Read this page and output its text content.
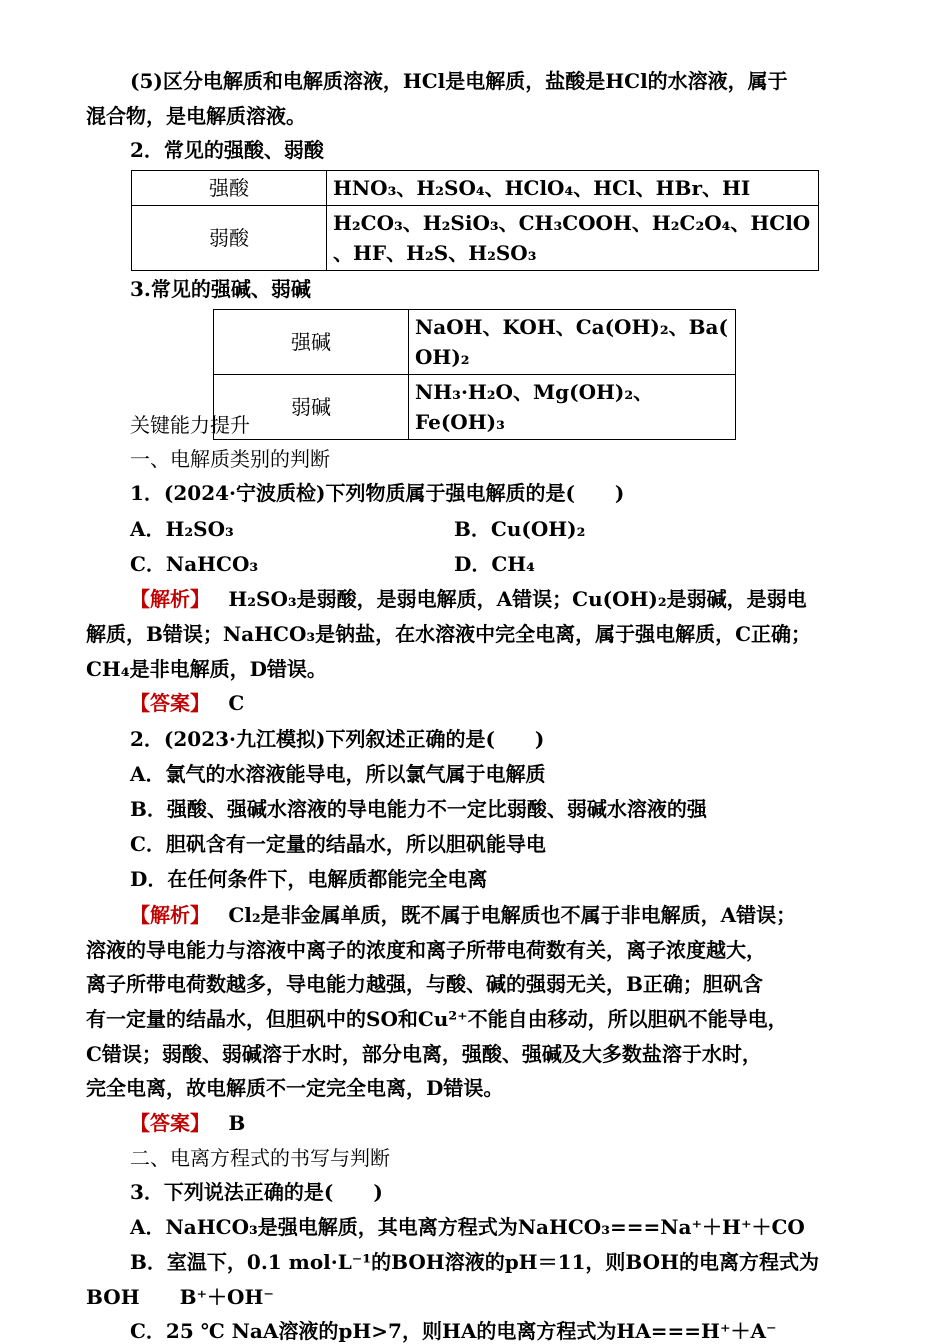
(5)区分电解质和电解质溶液，HCl是电解质，盐酸是HCl的水溶液，属于
混合物，是电解质溶液。
2．常见的强酸、弱酸
强酸	HNO₃、H₂SO₄、HClO₄、HCl、HBr、HI
弱酸	H₂CO₃、H₂SiO₃、CH₃COOH、H₂C₂O₄、HClO
、HF、H₂S、H₂SO₃
3.常见的强碱、弱碱
强碱	NaOH、KOH、Ca(OH)₂、Ba(
OH)₂

弱碱	NH₃·H₂O、Mg(OH)₂、Fe(OH)₃
关键能力提升
一、电解质类别的判断
1．(2024·宁波质检)下列物质属于强电解质的是(　　)
A．H₂SO₃	B．Cu(OH)₂
C．NaHCO₃	D．CH₄
【解析】 H₂SO₃是弱酸，是弱电解质，A错误；Cu(OH)₂是弱碱，是弱电
解质，B错误；NaHCO₃是钠盐，在水溶液中完全电离，属于强电解质，C正确；
CH₄是非电解质，D错误。
【答案】 C
2．(2023·九江模拟)下列叙述正确的是(　　)
A．氯气的水溶液能导电，所以氯气属于电解质
B．强酸、强碱水溶液的导电能力不一定比弱酸、弱碱水溶液的强
C．胆矾含有一定量的结晶水，所以胆矾能导电
D．在任何条件下，电解质都能完全电离
【解析】 Cl₂是非金属单质，既不属于电解质也不属于非电解质，A错误；
溶液的导电能力与溶液中离子的浓度和离子所带电荷数有关，离子浓度越大，
离子所带电荷数越多，导电能力越强，与酸、碱的强弱无关，B正确；胆矾含
有一定量的结晶水，但胆矾中的SO和Cu²⁺不能自由移动，所以胆矾不能导电，
C错误；弱酸、弱碱溶于水时，部分电离，强酸、强碱及大多数盐溶于水时，
完全电离，故电解质不一定完全电离，D错误。
【答案】 B
二、电离方程式的书写与判断
3．下列说法正确的是(　　)
A．NaHCO₃是强电解质，其电离方程式为NaHCO₃===Na⁺＋H⁺＋CO
B．室温下，0.1 mol·L⁻¹的BOH溶液的pH＝11，则BOH的电离方程式为
BOH　　B⁺＋OH⁻
C．25 ℃ NaA溶液的pH>7，则HA的电离方程式为HA===H⁺＋A⁻
